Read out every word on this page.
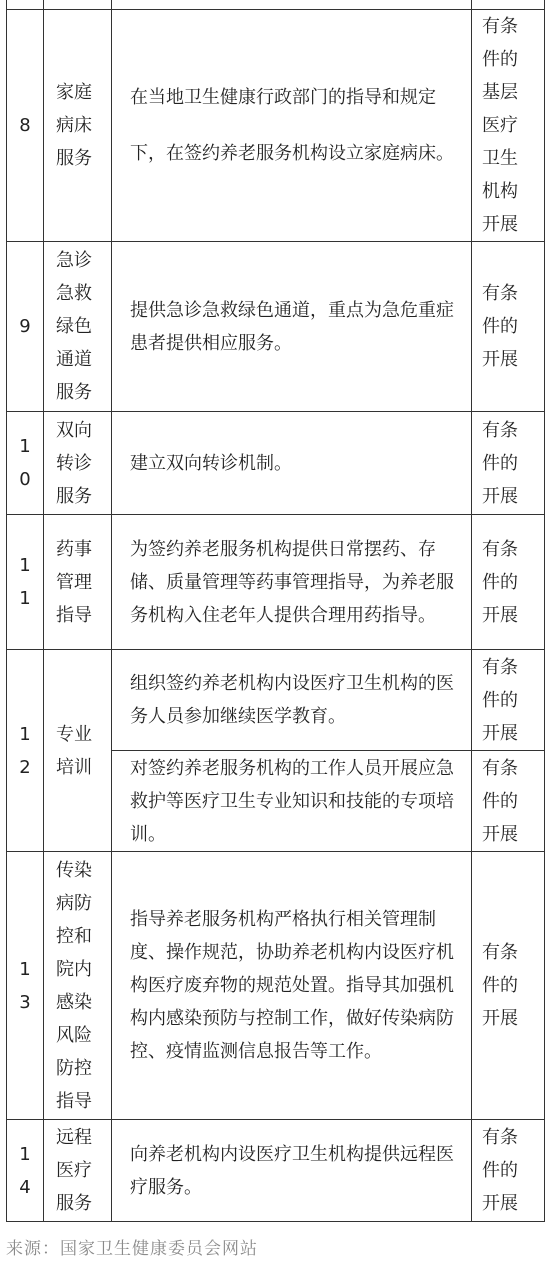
8	家庭病床服务	在当地卫生健康行政部门的指导和规定下，在签约养老服务机构设立家庭病床。	有条件的基层医疗卫生机构开展

9	急诊急救绿色通道服务	提供急诊急救绿色通道，重点为急危重症患者提供相应服务。	有条件的开展

10	双向转诊服务	建立双向转诊机制。	有条件的开展

11	药事管理指导	为签约养老服务机构提供日常摆药、存储、质量管理等药事管理指导，为养老服务机构入住老年人提供合理用药指导。	有条件的开展

12	专业培训	组织签约养老机构内设医疗卫生机构的医务人员参加继续医学教育。	有条件的开展

		对签约养老服务机构的工作人员开展应急救护等医疗卫生专业知识和技能的专项培训。	有条件的开展

13	传染病防控和院内感染风险防控指导	指导养老服务机构严格执行相关管理制度、操作规范，协助养老机构内设医疗机构医疗废弃物的规范处置。指导其加强机构内感染预防与控制工作，做好传染病防控、疫情监测信息报告等工作。	有条件的开展

14	远程医疗服务	向养老机构内设医疗卫生机构提供远程医疗服务。	有条件的开展
来源：国家卫生健康委员会网站
